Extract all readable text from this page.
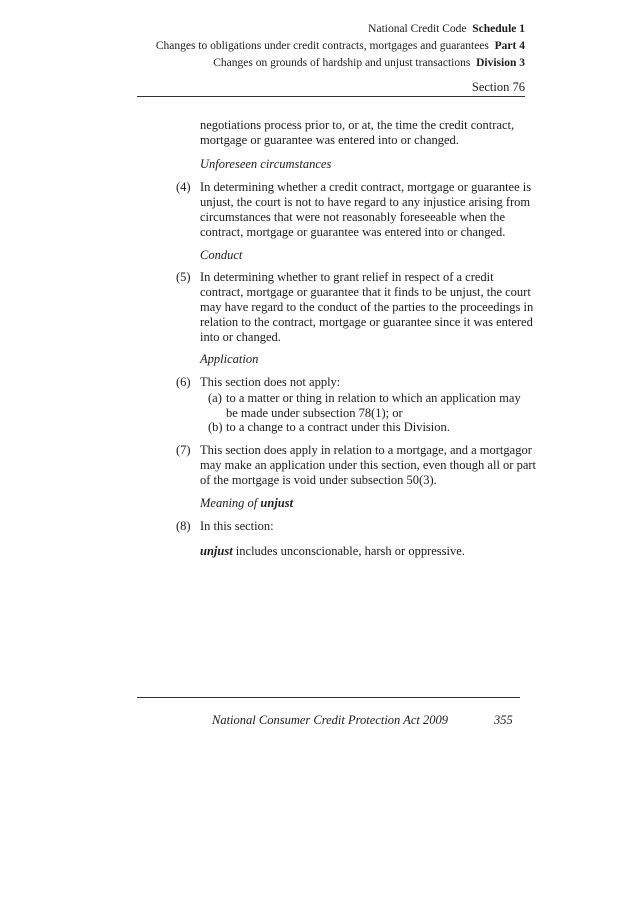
National Credit Code Schedule 1
Changes to obligations under credit contracts, mortgages and guarantees Part 4
Changes on grounds of hardship and unjust transactions Division 3
Section 76
negotiations process prior to, or at, the time the credit contract,
mortgage or guarantee was entered into or changed.
Unforeseen circumstances
(4) In determining whether a credit contract, mortgage or guarantee is
unjust, the court is not to have regard to any injustice arising from
circumstances that were not reasonably foreseeable when the
contract, mortgage or guarantee was entered into or changed.
Conduct
(5) In determining whether to grant relief in respect of a credit
contract, mortgage or guarantee that it finds to be unjust, the court
may have regard to the conduct of the parties to the proceedings in
relation to the contract, mortgage or guarantee since it was entered
into or changed.
Application
(6) This section does not apply:
(a) to a matter or thing in relation to which an application may
be made under subsection 78(1); or
(b) to a change to a contract under this Division.
(7) This section does apply in relation to a mortgage, and a mortgagor
may make an application under this section, even though all or part
of the mortgage is void under subsection 50(3).
Meaning of unjust
(8) In this section:
unjust includes unconscionable, harsh or oppressive.
National Consumer Credit Protection Act 2009	355
